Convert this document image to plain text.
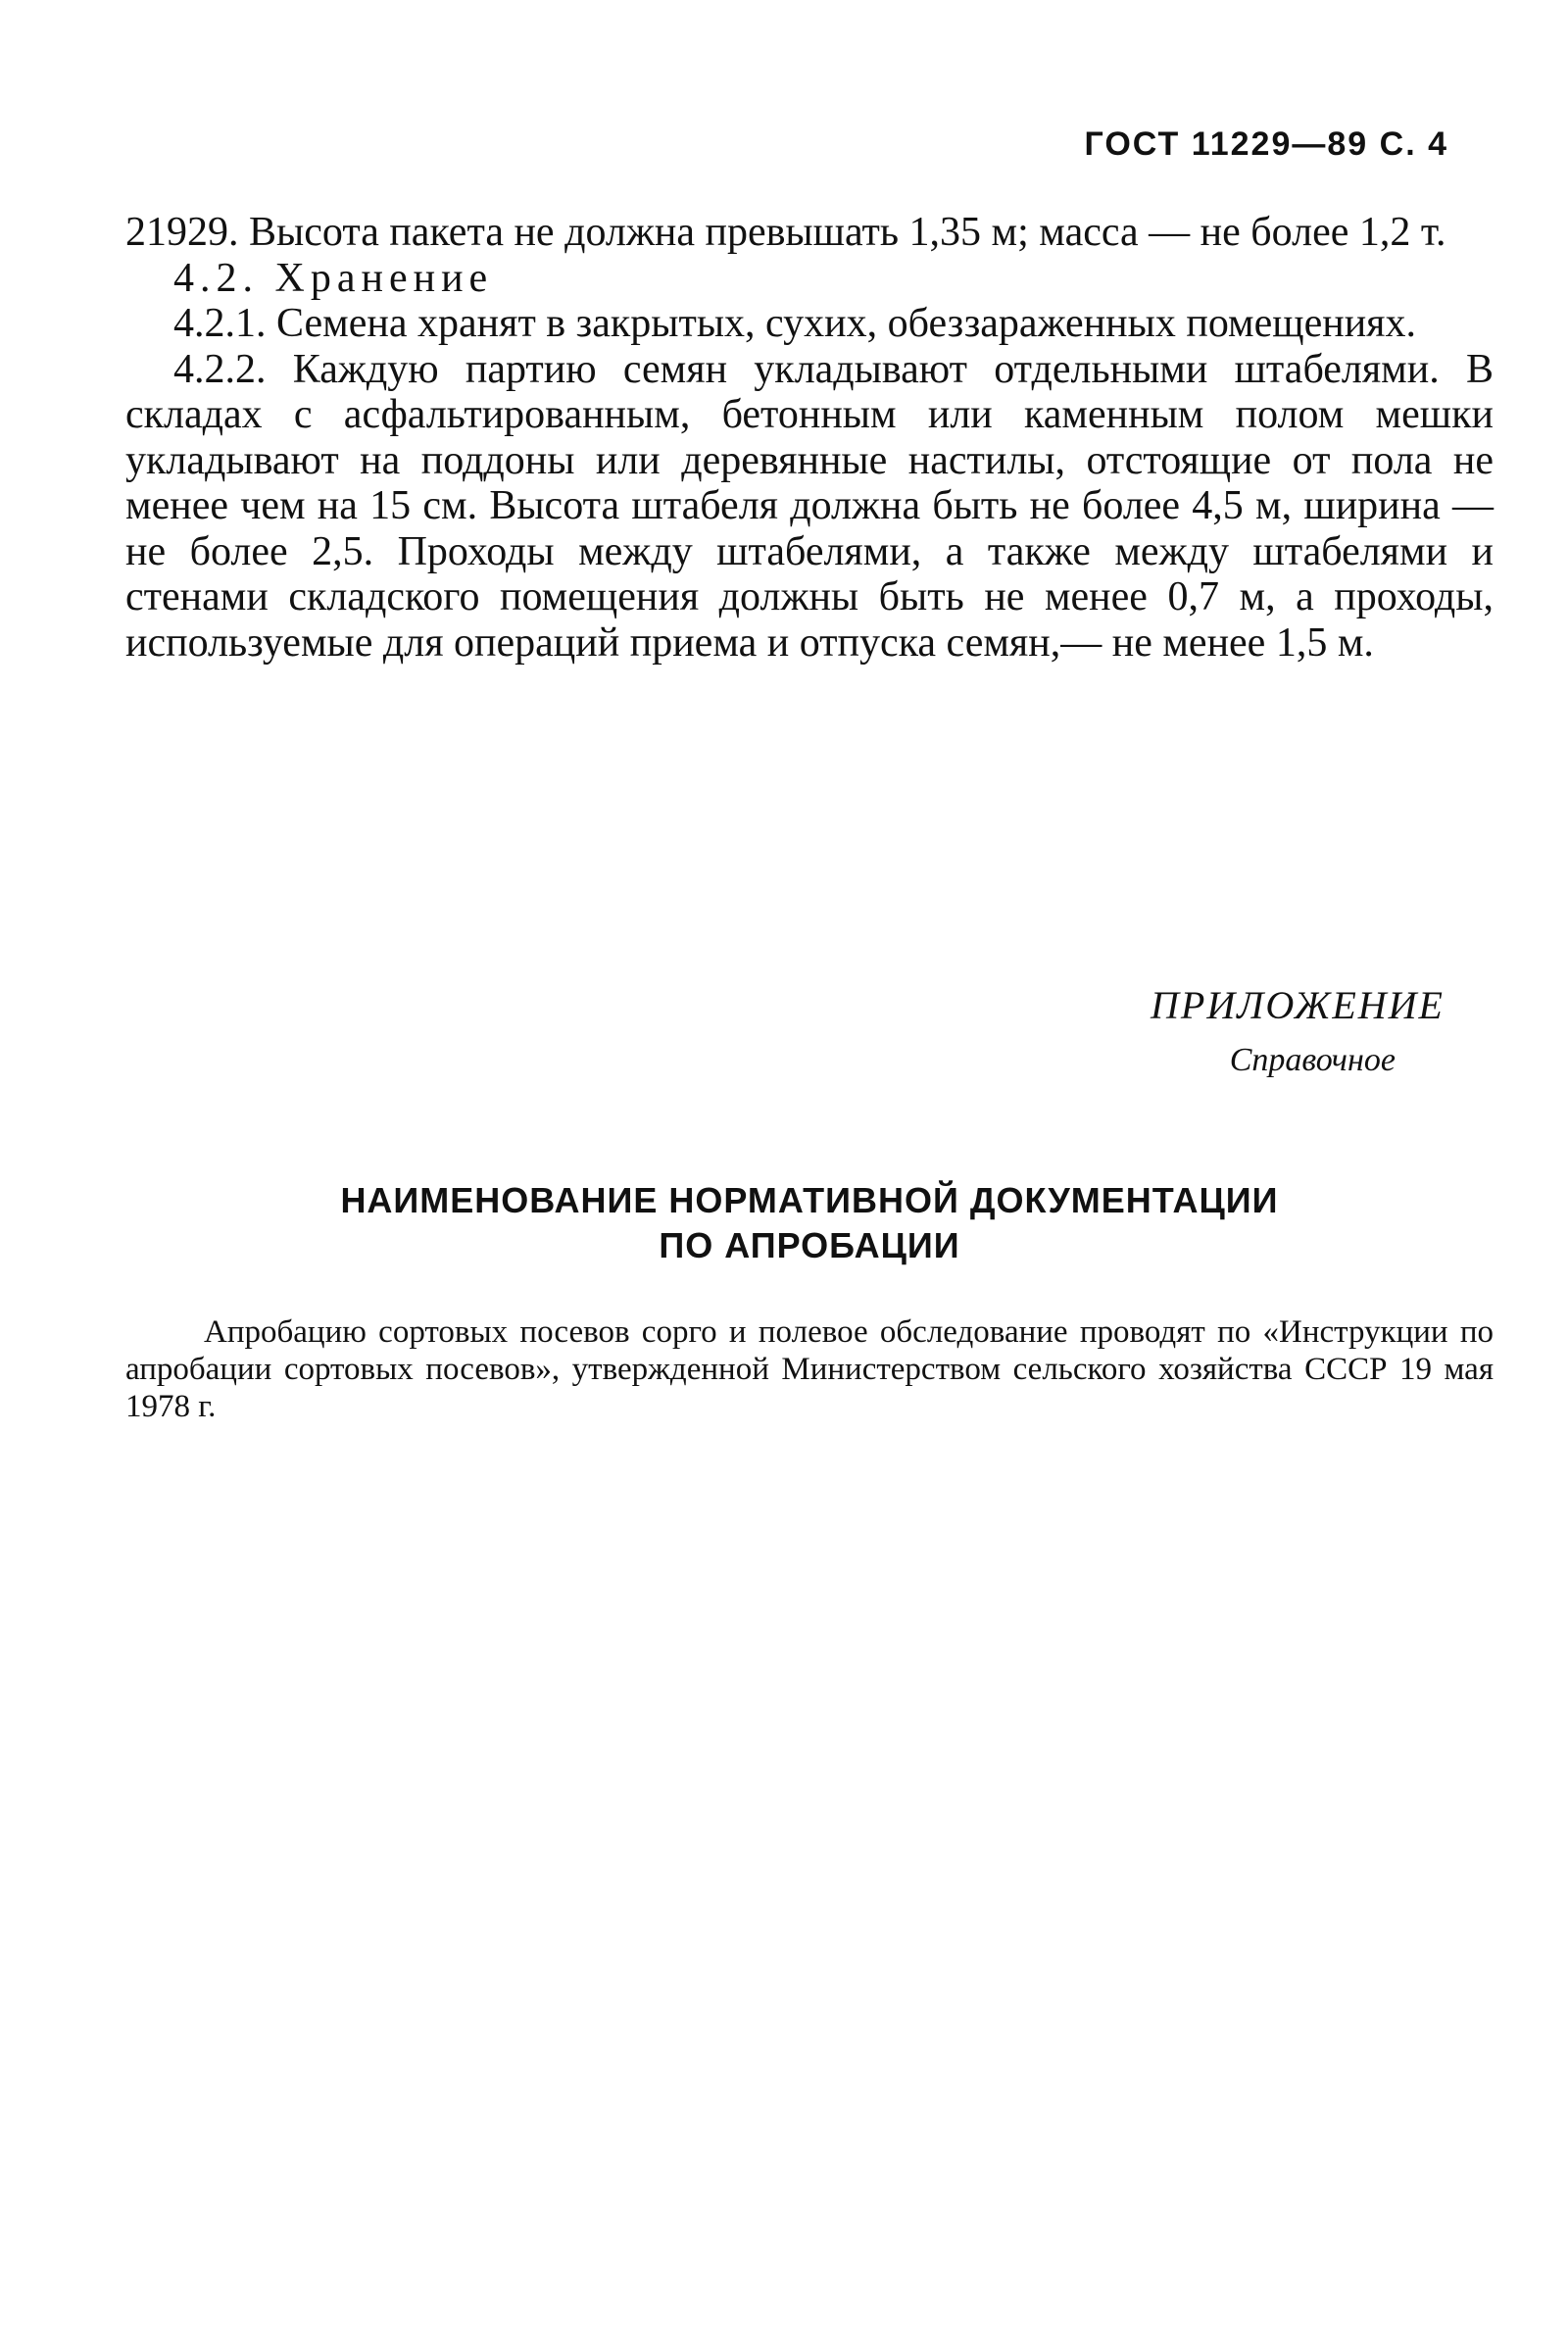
ГОСТ 11229—89 С. 4

21929. Высота пакета не должна превышать 1,35 м; масса — не более 1,2 т.

4.2. Хранение

4.2.1. Семена хранят в закрытых, сухих, обеззараженных помещениях.

4.2.2. Каждую партию семян укладывают отдельными штабелями. В складах с асфальтированным, бетонным или каменным полом мешки укладывают на поддоны или деревянные настилы, отстоящие от пола не менее чем на 15 см. Высота штабеля должна быть не более 4,5 м, ширина — не более 2,5. Проходы между штабелями, а также между штабелями и стенами складского помещения должны быть не менее 0,7 м, а проходы, используемые для операций приема и отпуска семян,— не менее 1,5 м.

ПРИЛОЖЕНИЕ
Справочное
НАИМЕНОВАНИЕ НОРМАТИВНОЙ ДОКУМЕНТАЦИИ
ПО АПРОБАЦИИ

Апробацию сортовых посевов сорго и полевое обследование проводят по «Инструкции по апробации сортовых посевов», утвержденной Министерством сельского хозяйства СССР 19 мая 1978 г.
